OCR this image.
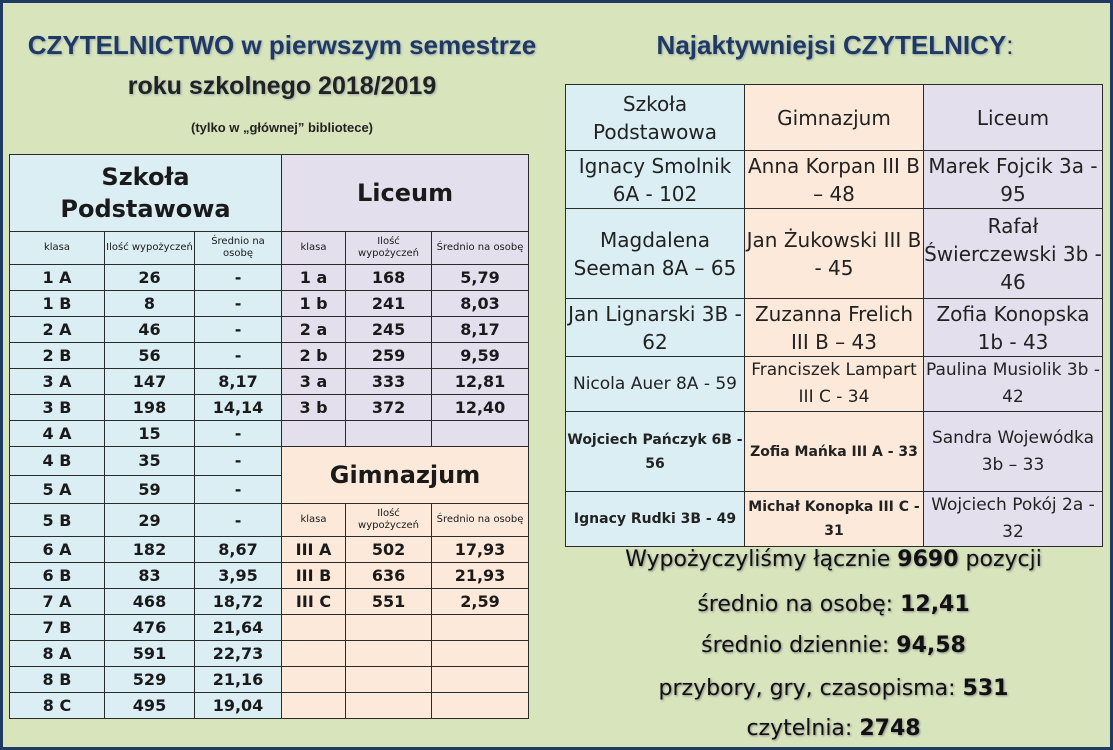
CZYTELNICTWO w pierwszym semestrze
roku szkolnego 2018/2019
(tylko w „głównej” bibliotece)
Najaktywniejsi CZYTELNICY:
Szkoła
Podstawowa			Liceum		
klasa	Ilość wypożyczeń	Średnio na osobę	klasa	Ilość wypożyczeń	Średnio na osobę
1 A	26	-	1 a	168	5,79
1 B	8	-	1 b	241	8,03
2 A	46	-	2 a	245	8,17
2 B	56	-	2 b	259	9,59
3 A	147	8,17	3 a	333	12,81
3 B	198	14,14	3 b	372	12,40
4 A	15	-			
4 B	35	-	Gimnazjum		
5 A	59	-			
5 B	29	-	klasa	Ilość wypożyczeń	Średnio na osobę
6 A	182	8,67	III A	502	17,93
6 B	83	3,95	III B	636	21,93
7 A	468	18,72	III C	551	2,59
7 B	476	21,64			
8 A	591	22,73			
8 B	529	21,16			
8 C	495	19,04			
Szkoła Podstawowa	Gimnazjum	Liceum
Ignacy Smolnik 6A - 102	Anna Korpan III B – 48	Marek Fojcik 3a - 95
Magdalena Seeman 8A – 65	Jan Żukowski III B - 45	Rafał Świerczewski 3b - 46
Jan Lignarski 3B - 62	Zuzanna Frelich III B – 43	Zofia Konopska 1b - 43
Nicola Auer 8A - 59	Franciszek Lampart III C - 34	Paulina Musiolik 3b - 42
Wojciech Pańczyk 6B - 56	Zofia Mańka III A - 33	Sandra Wojewódka 3b – 33
Ignacy Rudki 3B - 49	Michał Konopka III C - 31	Wojciech Pokój 2a - 32
Wypożyczyliśmy łącznie 9690 pozycji
średnio na osobę: 12,41
średnio dziennie: 94,58
przybory, gry, czasopisma: 531
czytelnia: 2748
